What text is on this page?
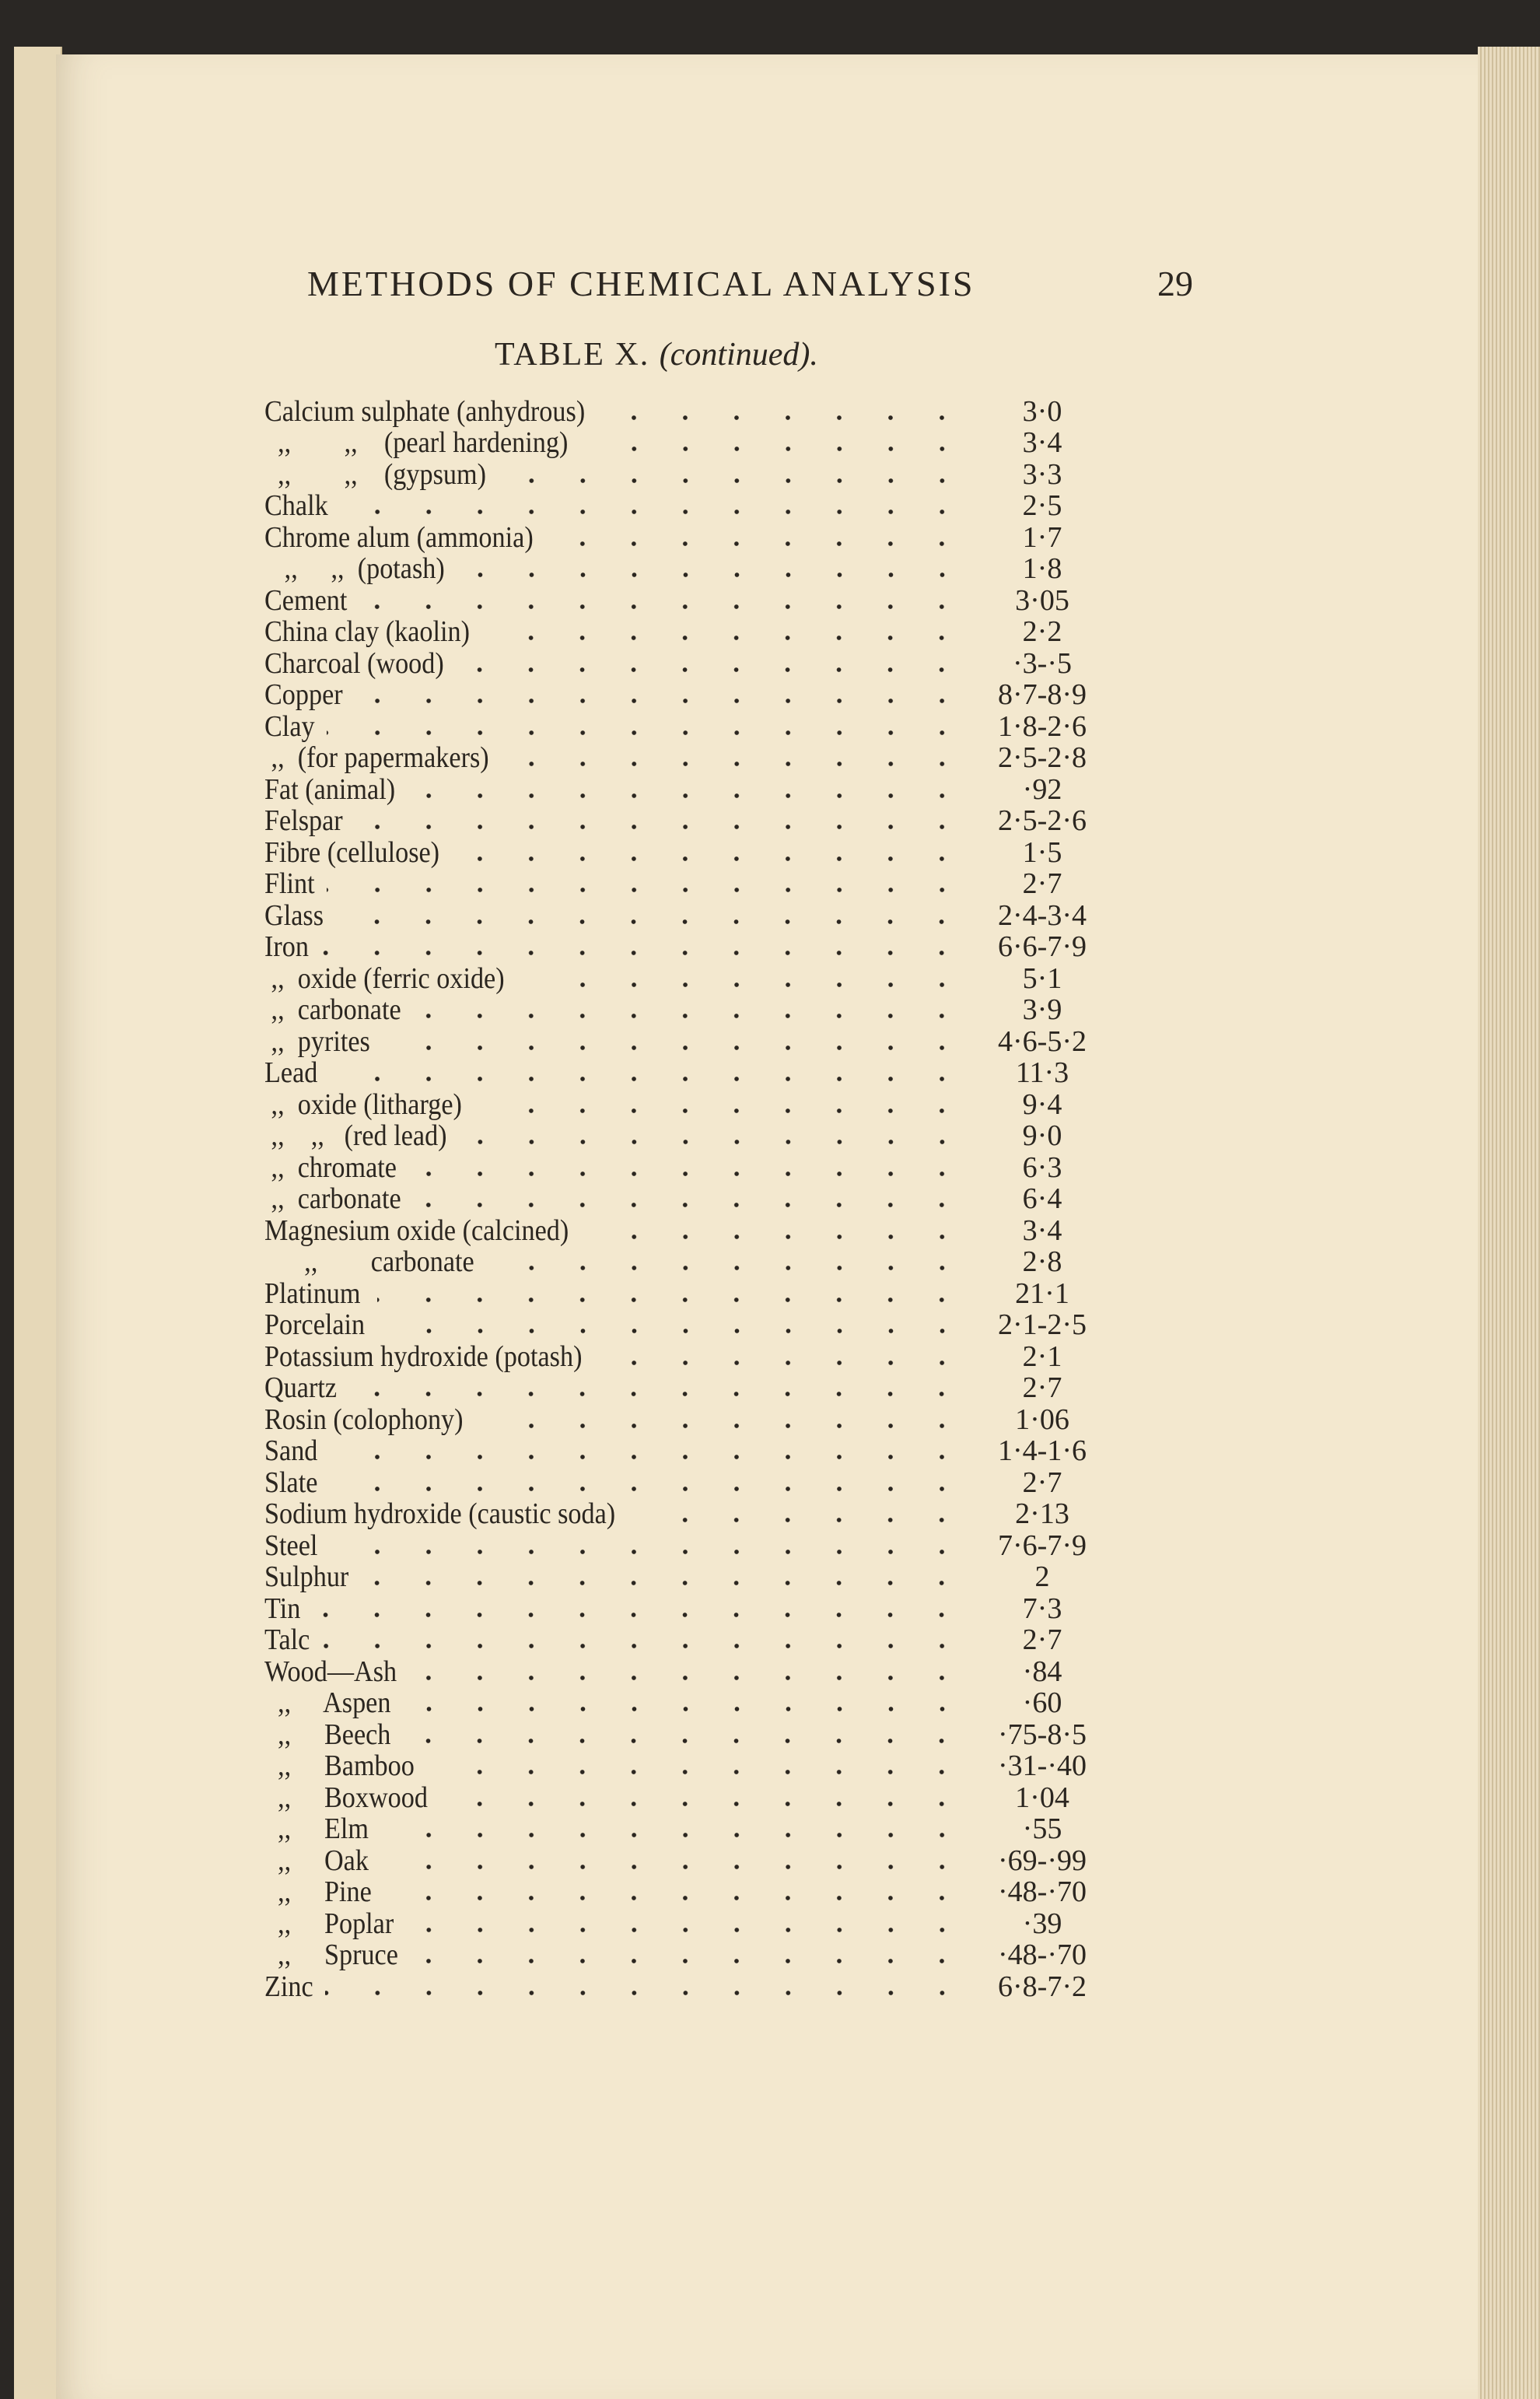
METHODS OF CHEMICAL ANALYSIS	29
TABLE X. (continued).
Calcium sulphate (anhydrous)	3·0
,,        ,,    (pearl hardening)	3·4
,,        ,,    (gypsum)	3·3
Chalk	2·5
Chrome alum (ammonia)	1·7
,,     ,,  (potash)	1·8
Cement	3·05
China clay (kaolin)	2·2
Charcoal (wood)	·3-·5
Copper	8·7-8·9
Clay	1·8-2·6
,,  (for papermakers)	2·5-2·8
Fat (animal)	·92
Felspar	2·5-2·6
Fibre (cellulose)	1·5
Flint	2·7
Glass	2·4-3·4
Iron	6·6-7·9
,,  oxide (ferric oxide)	5·1
,,  carbonate	3·9
,,  pyrites	4·6-5·2
Lead	11·3
,,  oxide (litharge)	9·4
,,    ,,   (red lead)	9·0
,,  chromate	6·3
,,  carbonate	6·4
Magnesium oxide (calcined)	3·4
,,        carbonate	2·8
Platinum	21·1
Porcelain	2·1-2·5
Potassium hydroxide (potash)	2·1
Quartz	2·7
Rosin (colophony)	1·06
Sand	1·4-1·6
Slate	2·7
Sodium hydroxide (caustic soda)	2·13
Steel	7·6-7·9
Sulphur	2
Tin	7·3
Talc	2·7
Wood—Ash	·84
,,     Aspen	·60
,,     Beech	·75-8·5
,,     Bamboo	·31-·40
,,     Boxwood	1·04
,,     Elm	·55
,,     Oak	·69-·99
,,     Pine	·48-·70
,,     Poplar	·39
,,     Spruce	·48-·70
Zinc	6·8-7·2
